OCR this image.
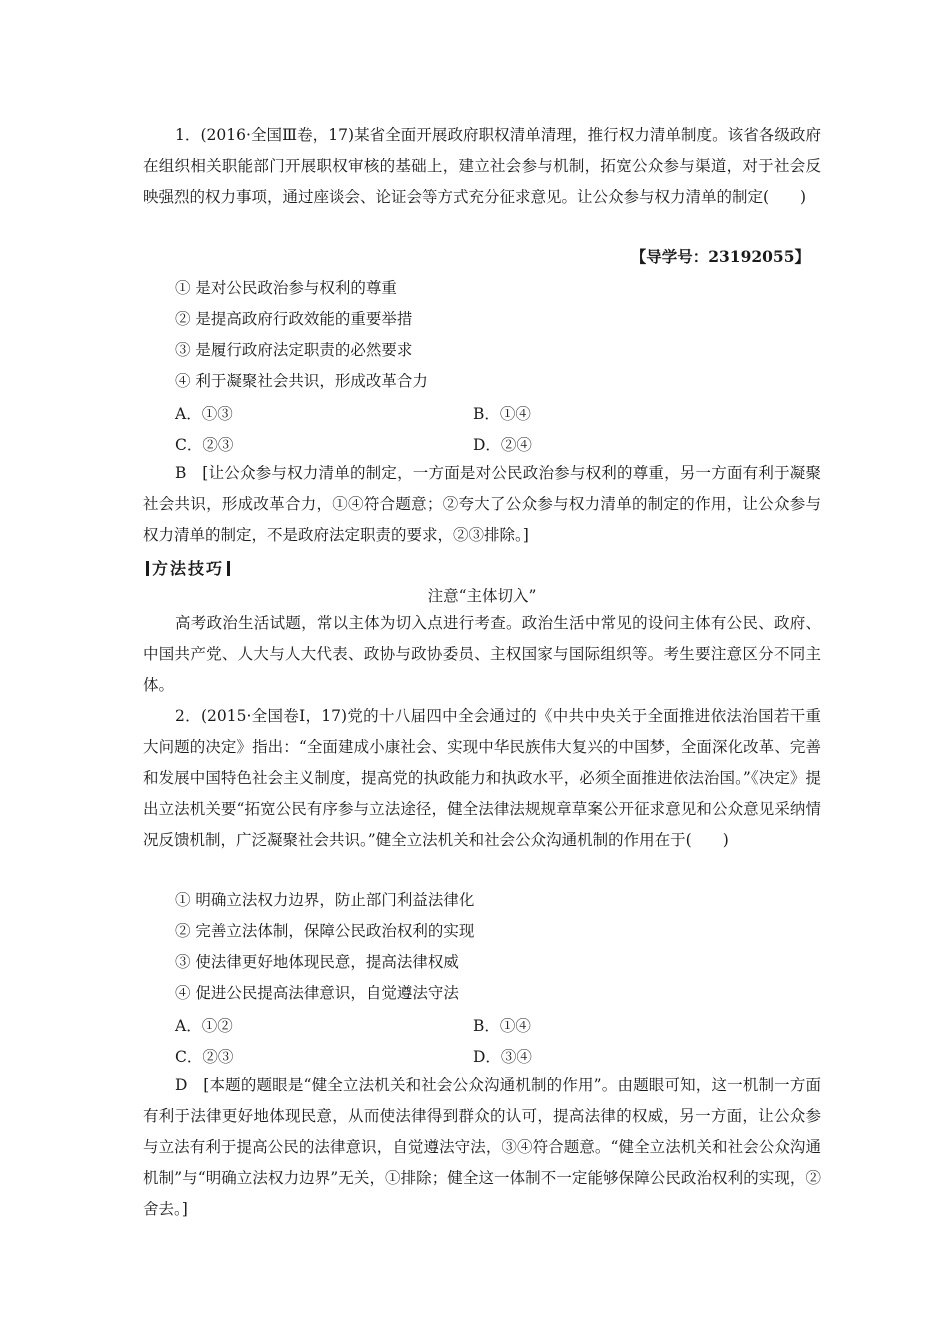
1．(2016·全国Ⅲ卷，17)某省全面开展政府职权清单清理，推行权力清单制度。该省各级政府在组织相关职能部门开展职权审核的基础上，建立社会参与机制，拓宽公众参与渠道，对于社会反映强烈的权力事项，通过座谈会、论证会等方式充分征求意见。让公众参与权力清单的制定(　　)

【导学号：23192055】

① 是对公民政治参与权利的尊重

② 是提高政府行政效能的重要举措

③ 是履行政府法定职责的必然要求

④ 利于凝聚社会共识，形成改革合力

A．①③	B．①④
C．②③	D．②④

B　[让公众参与权力清单的制定，一方面是对公民政治参与权利的尊重，另一方面有利于凝聚社会共识，形成改革合力，①④符合题意；②夸大了公众参与权力清单的制定的作用，让公众参与权力清单的制定，不是政府法定职责的要求，②③排除。]

方法技巧
注意“主体切入”

高考政治生活试题，常以主体为切入点进行考查。政治生活中常见的设问主体有公民、政府、中国共产党、人大与人大代表、政协与政协委员、主权国家与国际组织等。考生要注意区分不同主体。

2．(2015·全国卷Ⅰ，17)党的十八届四中全会通过的《中共中央关于全面推进依法治国若干重大问题的决定》指出：“全面建成小康社会、实现中华民族伟大复兴的中国梦，全面深化改革、完善和发展中国特色社会主义制度，提高党的执政能力和执政水平，必须全面推进依法治国。”《决定》提出立法机关要“拓宽公民有序参与立法途径，健全法律法规规章草案公开征求意见和公众意见采纳情况反馈机制，广泛凝聚社会共识。”健全立法机关和社会公众沟通机制的作用在于(　　)

① 明确立法权力边界，防止部门利益法律化

② 完善立法体制，保障公民政治权利的实现

③ 使法律更好地体现民意，提高法律权威

④ 促进公民提高法律意识，自觉遵法守法

A．①②	B．①④
C．②③	D．③④

D　[本题的题眼是“健全立法机关和社会公众沟通机制的作用”。由题眼可知，这一机制一方面有利于法律更好地体现民意，从而使法律得到群众的认可，提高法律的权威，另一方面，让公众参与立法有利于提高公民的法律意识，自觉遵法守法，③④符合题意。“健全立法机关和社会公众沟通机制”与“明确立法权力边界”无关，①排除；健全这一体制不一定能够保障公民政治权利的实现，②舍去。]
